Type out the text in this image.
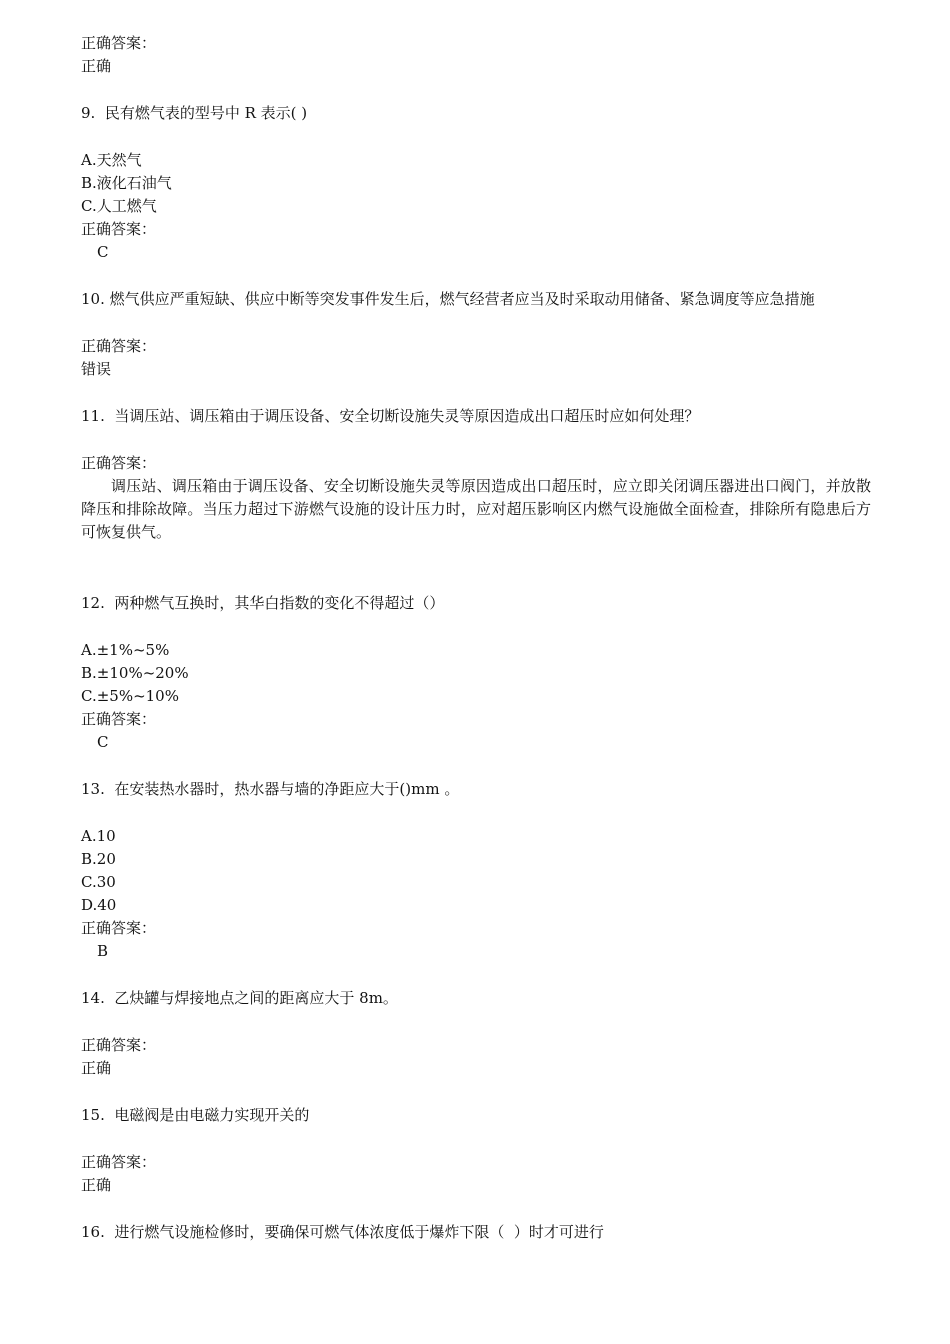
正确答案：
正确
9.  民有燃气表的型号中 R 表示( )
A.天然气
B.液化石油气
C.人工燃气
正确答案：
C
10. 燃气供应严重短缺、供应中断等突发事件发生后，燃气经营者应当及时采取动用储备、紧急调度等应急措施
正确答案：
错误
11.  当调压站、调压箱由于调压设备、安全切断设施失灵等原因造成出口超压时应如何处理？
正确答案：
调压站、调压箱由于调压设备、安全切断设施失灵等原因造成出口超压时，应立即关闭调压器进出口阀门，并放散降压和排除故障。当压力超过下游燃气设施的设计压力时，应对超压影响区内燃气设施做全面检查，排除所有隐患后方可恢复供气。
12.  两种燃气互换时，其华白指数的变化不得超过（）
A.±1%~5%
B.±10%~20%
C.±5%~10%
正确答案：
C
13.  在安装热水器时，热水器与墙的净距应大于()mm 。
A.10
B.20
C.30
D.40
正确答案：
B
14.  乙炔罐与焊接地点之间的距离应大于 8m。
正确答案：
正确
15.  电磁阀是由电磁力实现开关的
正确答案：
正确
16.  进行燃气设施检修时，要确保可燃气体浓度低于爆炸下限（  ）时才可进行
